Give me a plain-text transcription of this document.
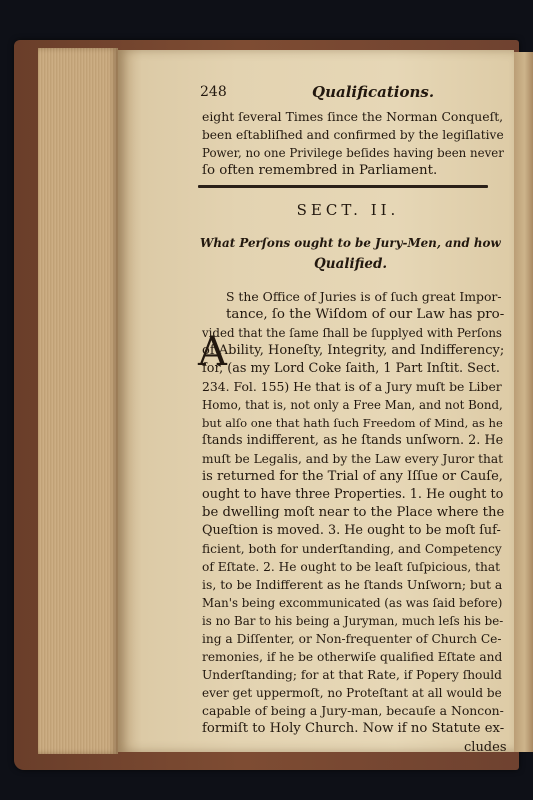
248	Qualifications.
eight ſeveral Times ſince the Norman Conqueſt,
been eſtabliſhed and confirmed by the legiſlative
Power, no one Privilege beſides having been never
ſo often remembred in Parliament.
SECT. II.
What Perſons ought to be Jury-Men, and how
Qualified.
A
S the Office of Juries is of ſuch great Impor-
tance, ſo the Wiſdom of our Law has pro-
vided that the ſame ſhall be ſupplyed with Perſons
of Ability, Honeſty, Integrity, and Indifferency;
for, (as my Lord Coke ſaith, 1 Part Inſtit. Sect.
234. Fol. 155) He that is of a Jury muſt be Liber
Homo, that is, not only a Free Man, and not Bond,
but alſo one that hath ſuch Freedom of Mind, as he
ſtands indifferent, as he ſtands unſworn. 2. He
muſt be Legalis, and by the Law every Juror that
is returned for the Trial of any Iſſue or Cauſe,
ought to have three Properties. 1. He ought to
be dwelling moſt near to the Place where the
Queſtion is moved. 3. He ought to be moſt ſuf-
ficient, both for underſtanding, and Competency
of Eſtate. 2. He ought to be leaſt ſuſpicious, that
is, to be Indifferent as he ſtands Unſworn; but a
Man's being excommunicated (as was ſaid before)
is no Bar to his being a Juryman, much leſs his be-
ing a Diſſenter, or Non-frequenter of Church Ce-
remonies, if he be otherwiſe qualified Eſtate and
Underſtanding; for at that Rate, if Popery ſhould
ever get uppermoſt, no Proteſtant at all would be
capable of being a Jury-man, becauſe a Noncon-
formiſt to Holy Church. Now if no Statute ex-
cludes
